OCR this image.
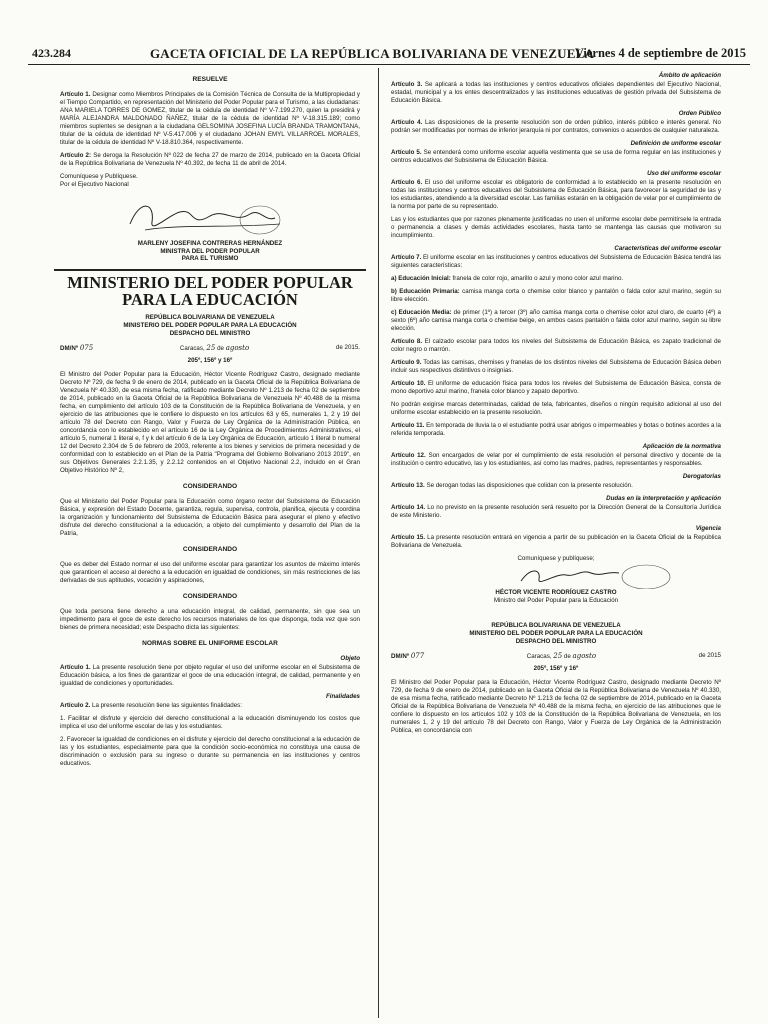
423.284	GACETA OFICIAL DE LA REPÚBLICA BOLIVARIANA DE VENEZUELA
Viernes 4 de septiembre de 2015
RESUELVE

Artículo 1. Designar como Miembros Principales de la Comisión Técnica de Consulta de la Multipropiedad y el Tiempo Compartido, en representación del Ministerio del Poder Popular para el Turismo, a las ciudadanas: ANA MARIELA TORRES DE GOMEZ, titular de la cédula de identidad Nº V-7.199.270, quien la presidirá y MARÍA ALEJANDRA MALDONADO ÑAÑEZ, titular de la cédula de identidad Nº V-18.315.189; como miembros suplentes se designan a la ciudadana GELSOMINA JOSEFINA LUCÍA BRANDA TRAMONTANA, titular de la cédula de identidad Nº V-5.417.006 y el ciudadano JOHAN EMYL VILLARROEL MORALES, titular de la cédula de identidad Nº V-18.810.364, respectivamente.

Artículo 2: Se deroga la Resolución Nº 022 de fecha 27 de marzo de 2014, publicado en la Gaceta Oficial de la República Bolivariana de Venezuela Nº 40.392, de fecha 11 de abril de 2014.

Comuníquese y Publíquese.

Por el Ejecutivo Nacional

MARLENY JOSEFINA CONTRERAS HERNÁNDEZ
MINISTRA DEL PODER POPULAR
PARA EL TURISMO
MINISTERIO DEL PODER POPULAR
PARA LA EDUCACIÓN
REPÚBLICA BOLIVARIANA DE VENEZUELA
MINISTERIO DEL PODER POPULAR PARA LA EDUCACIÓN
DESPACHO DEL MINISTRO
DM/Nº 075	Caracas, 25 de agosto	de 2015.
205º, 156º y 16º

El Ministro del Poder Popular para la Educación, Héctor Vicente Rodríguez Castro, designado mediante Decreto Nº 729, de fecha 9 de enero de 2014, publicado en la Gaceta Oficial de la República Bolivariana de Venezuela Nº 40.330, de esa misma fecha, ratificado mediante Decreto Nº 1.213 de fecha 02 de septiembre de 2014, publicado en la Gaceta Oficial de la República Bolivariana de Venezuela Nº 40.488 de la misma fecha, en cumplimiento del artículo 103 de la Constitución de la República Bolivariana de Venezuela, y en ejercicio de las atribuciones que le confiere lo dispuesto en los artículos 63 y 65, numerales 1, 2 y 19 del artículo 78 del Decreto con Rango, Valor y Fuerza de Ley Orgánica de la Administración Pública, en concordancia con lo establecido en el artículo 16 de la Ley Orgánica de Procedimientos Administrativos, el artículo 5, numeral 1 literal e, f y k del artículo 6 de la Ley Orgánica de Educación, artículo 1 literal b numeral 12 del Decreto 2.304 de 5 de febrero de 2003, referente a los bienes y servicios de primera necesidad y de conformidad con lo establecido en el Plan de la Patria "Programa del Gobierno Bolivariano 2013 2019", en sus Objetivos Generales 2.2.1.35, y 2.2.12 contenidos en el Objetivo Nacional 2.2, incluido en el Gran Objetivo Histórico Nº 2,

CONSIDERANDO

Que el Ministerio del Poder Popular para la Educación como órgano rector del Subsistema de Educación Básica, y expresión del Estado Docente, garantiza, regula, supervisa, controla, planifica, ejecuta y coordina la organización y funcionamiento del Subsistema de Educación Básica para asegurar el pleno y efectivo disfrute del derecho constitucional a la educación, a objeto del cumplimiento y desarrollo del Plan de la Patria,

CONSIDERANDO

Que es deber del Estado normar el uso del uniforme escolar para garantizar los asuntos de máximo interés que garanticen el acceso al derecho a la educación en igualdad de condiciones, sin más restricciones de las derivadas de sus aptitudes, vocación y aspiraciones,

CONSIDERANDO

Que toda persona tiene derecho a una educación integral, de calidad, permanente, sin que sea un impedimento para el goce de este derecho los recursos materiales de los que disponga, toda vez que son bienes de primera necesidad; este Despacho dicta las siguientes:

NORMAS SOBRE EL UNIFORME ESCOLAR
Objeto

Artículo 1. La presente resolución tiene por objeto regular el uso del uniforme escolar en el Subsistema de Educación básica, a los fines de garantizar el goce de una educación integral, de calidad, permanente y en igualdad de condiciones y oportunidades.

Finalidades

Artículo 2. La presente resolución tiene las siguientes finalidades:

1. Facilitar el disfrute y ejercicio del derecho constitucional a la educación disminuyendo los costos que implica el uso del uniforme escolar de las y los estudiantes.

2. Favorecer la igualdad de condiciones en el disfrute y ejercicio del derecho constitucional a la educación de las y los estudiantes, especialmente para que la condición socio-económica no constituya una causa de discriminación o exclusión para su ingreso o durante su permanencia en las instituciones y centros educativos.

Ámbito de aplicación

Artículo 3. Se aplicará a todas las instituciones y centros educativos oficiales dependientes del Ejecutivo Nacional, estadal, municipal y a los entes descentralizados y las instituciones educativas de gestión privada del Subsistema de Educación Básica.

Orden Público

Artículo 4. Las disposiciones de la presente resolución son de orden público, interés público e interés general. No podrán ser modificadas por normas de inferior jerarquía ni por contratos, convenios o acuerdos de cualquier naturaleza.

Definición de uniforme escolar

Artículo 5. Se entenderá como uniforme escolar aquella vestimenta que se usa de forma regular en las instituciones y centros educativos del Subsistema de Educación Básica.

Uso del uniforme escolar

Artículo 6. El uso del uniforme escolar es obligatorio de conformidad a lo establecido en la presente resolución en todas las instituciones y centros educativos del Subsistema de Educación Básica, para favorecer la seguridad de las y los estudiantes, atendiendo a la diversidad escolar. Las familias estarán en la obligación de velar por el cumplimiento de la norma por parte de su representado.

Las y los estudiantes que por razones plenamente justificadas no usen el uniforme escolar debe permitírsele la entrada o permanencia a clases y demás actividades escolares, hasta tanto se mantenga las causas que motivaron su incumplimiento.

Características del uniforme escolar

Artículo 7. El uniforme escolar en las instituciones y centros educativos del Subsistema de Educación Básica tendrá las siguientes características:

a) Educación Inicial: franela de color rojo, amarillo o azul y mono color azul marino.

b) Educación Primaria: camisa manga corta o chemise color blanco y pantalón o falda color azul marino, según su libre elección.

c) Educación Media: de primer (1º) a tercer (3º) año camisa manga corta o chemise color azul claro, de cuarto (4º) a sexto (6º) año camisa manga corta o chemise beige, en ambos casos pantalón o falda color azul marino, según su libre elección.

Artículo 8. El calzado escolar para todos los niveles del Subsistema de Educación Básica, es zapato tradicional de color negro o marrón.

Artículo 9. Todas las camisas, chemises y franelas de los distintos niveles del Subsistema de Educación Básica deben incluir sus respectivos distintivos o insignias.

Artículo 10. El uniforme de educación física para todos los niveles del Subsistema de Educación Básica, consta de mono deportivo azul marino, franela color blanco y zapato deportivo.

No podrán exigirse marcas determinadas, calidad de tela, fabricantes, diseños o ningún requisito adicional al uso del uniforme escolar establecido en la presente resolución.

Artículo 11. En temporada de lluvia la o el estudiante podrá usar abrigos o impermeables y botas o botines acordes a la referida temporada.

Aplicación de la normativa

Artículo 12. Son encargados de velar por el cumplimiento de esta resolución el personal directivo y docente de la institución o centro educativo, las y los estudiantes, así como las madres, padres, representantes y responsables.

Derogatorias

Artículo 13. Se derogan todas las disposiciones que colidan con la presente resolución.

Dudas en la interpretación y aplicación

Artículo 14. Lo no previsto en la presente resolución será resuelto por la Dirección General de la Consultoría Jurídica de este Ministerio.

Vigencia

Artículo 15. La presente resolución entrará en vigencia a partir de su publicación en la Gaceta Oficial de la República Bolivariana de Venezuela.

Comuníquese y publíquese;
HÉCTOR VICENTE RODRÍGUEZ CASTRO
Ministro del Poder Popular para la Educación
REPÚBLICA BOLIVARIANA DE VENEZUELA
MINISTERIO DEL PODER POPULAR PARA LA EDUCACIÓN
DESPACHO DEL MINISTRO
DM/Nº 077	Caracas, 25 de agosto	de 2015
205º, 156º y 16º

El Ministro del Poder Popular para la Educación, Héctor Vicente Rodríguez Castro, designado mediante Decreto Nº 729, de fecha 9 de enero de 2014, publicado en la Gaceta Oficial de la República Bolivariana de Venezuela Nº 40.330, de esa misma fecha, ratificado mediante Decreto Nº 1.213 de fecha 02 de septiembre de 2014, publicado en la Gaceta Oficial de la República Bolivariana de Venezuela Nº 40.488 de la misma fecha, en ejercicio de las atribuciones que le confiere lo dispuesto en los artículos 102 y 103 de la Constitución de la República Bolivariana de Venezuela, en los numerales 1, 2 y 19 del artículo 78 del Decreto con Rango, Valor y Fuerza de Ley Orgánica de la Administración Pública, en concordancia con
